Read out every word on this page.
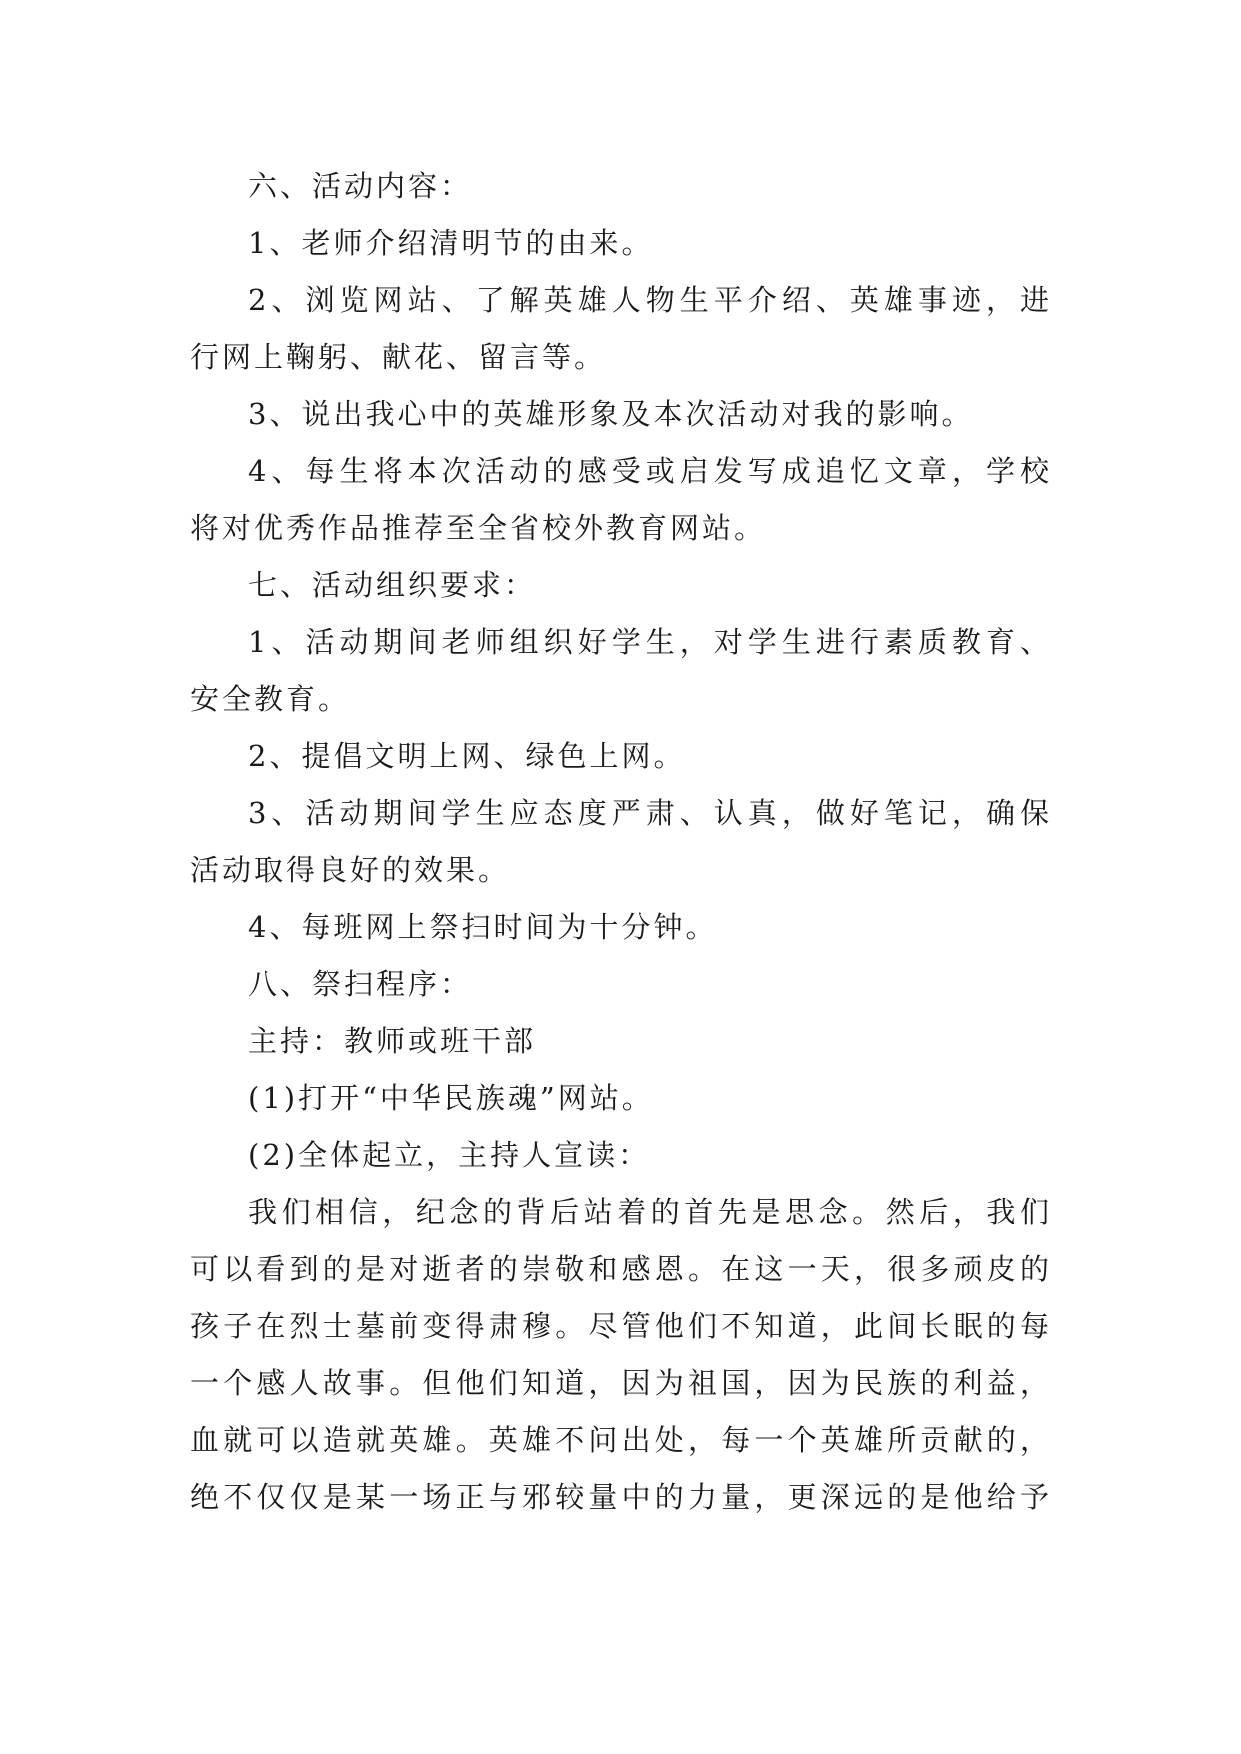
六、活动内容：

1、老师介绍清明节的由来。

2、浏览网站、了解英雄人物生平介绍、英雄事迹，进
行网上鞠躬、献花、留言等。

3、说出我心中的英雄形象及本次活动对我的影响。

4、每生将本次活动的感受或启发写成追忆文章，学校
将对优秀作品推荐至全省校外教育网站。

七、活动组织要求：

1、活动期间老师组织好学生，对学生进行素质教育、
安全教育。

2、提倡文明上网、绿色上网。

3、活动期间学生应态度严肃、认真，做好笔记，确保
活动取得良好的效果。

4、每班网上祭扫时间为十分钟。

八、祭扫程序：

主持：教师或班干部

(1)打开“中华民族魂”网站。

(2)全体起立，主持人宣读：

我们相信，纪念的背后站着的首先是思念。然后，我们
可以看到的是对逝者的崇敬和感恩。在这一天，很多顽皮的
孩子在烈士墓前变得肃穆。尽管他们不知道，此间长眠的每
一个感人故事。但他们知道，因为祖国，因为民族的利益，
血就可以造就英雄。英雄不问出处，每一个英雄所贡献的，
绝不仅仅是某一场正与邪较量中的力量，更深远的是他给予
